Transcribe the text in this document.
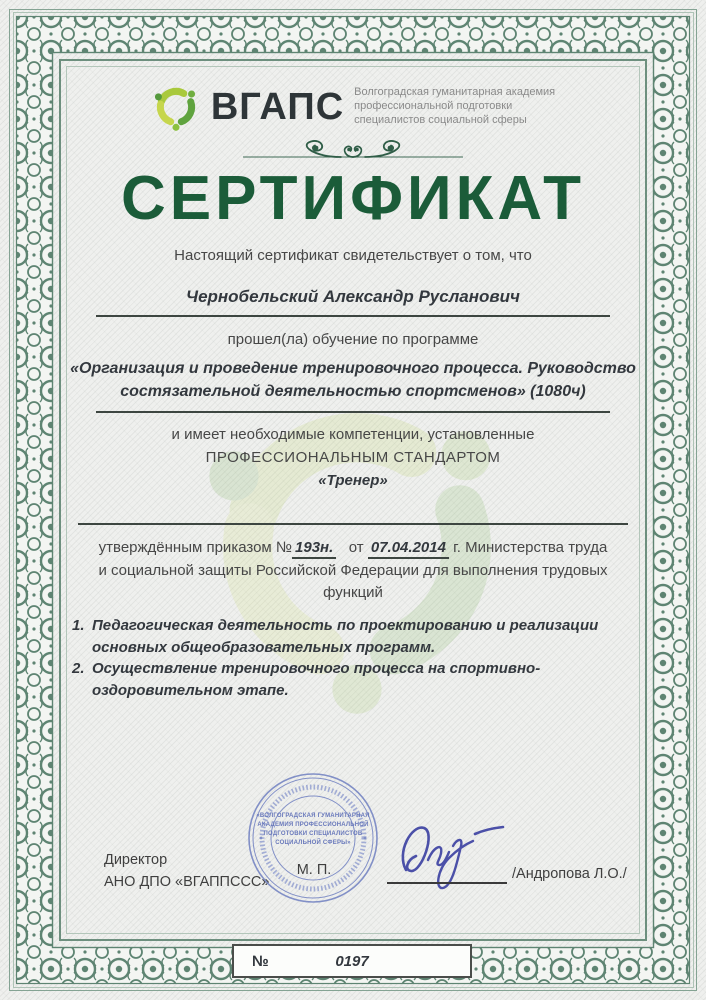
ВГАПС Волгоградская гуманитарная академия
профессиональной подготовки
специалистов социальной сферы
СЕРТИФИКАТ
Настоящий сертификат свидетельствует о том, что
Чернобельский Александр Русланович
прошел(ла) обучение по программе
«Организация и проведение тренировочного процесса. Руководство состязательной деятельностью спортсменов» (1080ч)
и имеет необходимые компетенции, установленные
ПРОФЕССИОНАЛЬНЫМ СТАНДАРТОМ
«Тренер»
утверждённым приказом № 193н. от 07.04.2014 г. Министерства труда
и социальной защиты Российской Федерации для выполнения трудовых функций
1. Педагогическая деятельность по проектированию и реализации основных общеобразовательных программ.
2. Осуществление тренировочного процесса на спортивно-оздоровительном этапе.
Директор
АНО ДПО «ВГАППССС»
«ВОЛГОГРАДСКАЯ ГУМАНИТАРНАЯ
АКАДЕМИЯ ПРОФЕССИОНАЛЬНОЙ
ПОДГОТОВКИ СПЕЦИАЛИСТОВ
СОЦИАЛЬНОЙ СФЕРЫ»
М. П.	/Андропова Л.О./
№	0197
